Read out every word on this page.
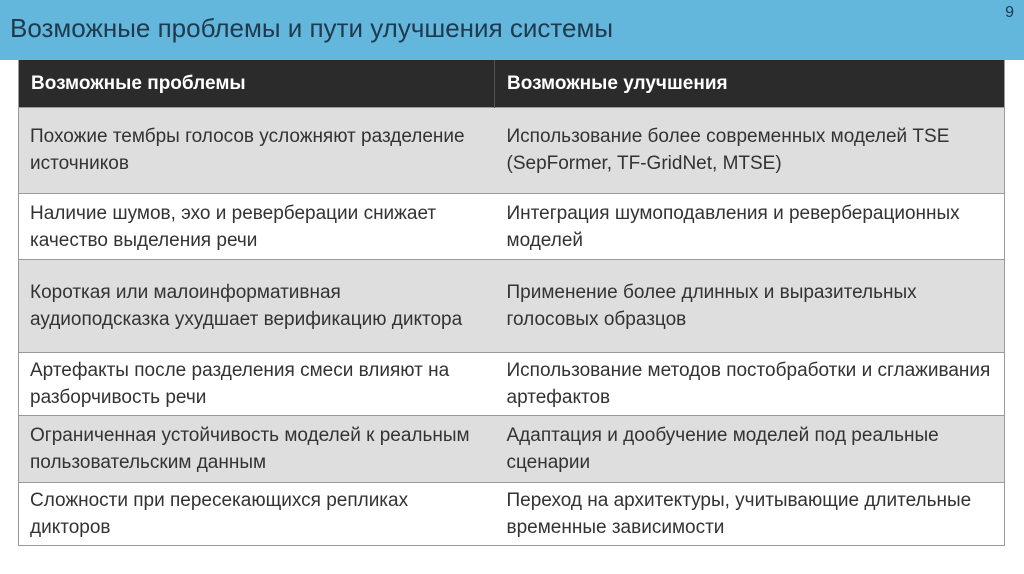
Возможные проблемы и пути улучшения системы
9
Возможные проблемы	Возможные улучшения
Похожие тембры голосов усложняют разделение источников	Использование более современных моделей TSE (SepFormer, TF-GridNet, MTSE)
Наличие шумов, эхо и реверберации снижает качество выделения речи	Интеграция шумоподавления и реверберационных моделей
Короткая или малоинформативная аудиоподсказка ухудшает верификацию диктора	Применение более длинных и выразительных голосовых образцов
Артефакты после разделения смеси влияют на разборчивость речи	Использование методов постобработки и сглаживания артефактов
Ограниченная устойчивость моделей к реальным пользовательским данным	Адаптация и дообучение моделей под реальные сценарии
Сложности при пересекающихся репликах дикторов	Переход на архитектуры, учитывающие длительные временные зависимости
